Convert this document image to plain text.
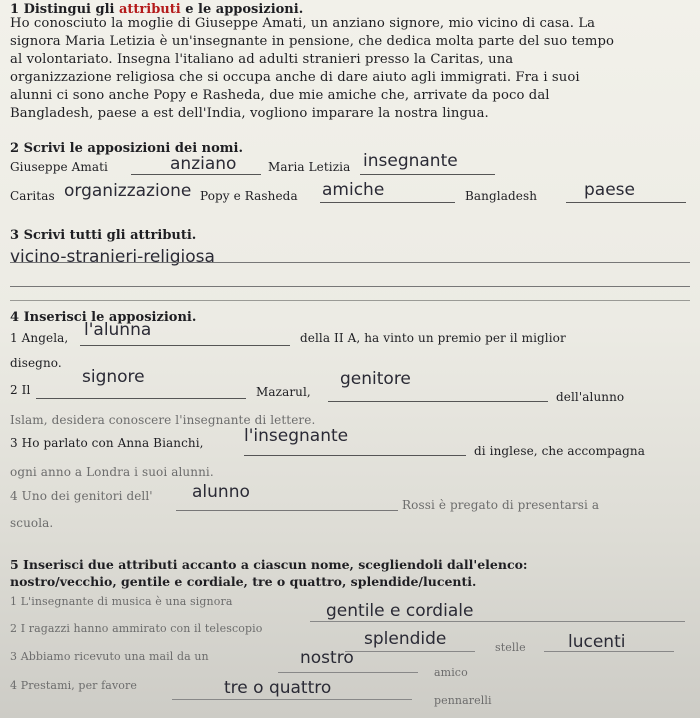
1 Distingui gli attributi e le apposizioni.
Ho conosciuto la moglie di Giuseppe Amati, un anziano signore, mio vicino di casa. La
signora Maria Letizia è un'insegnante in pensione, che dedica molta parte del suo tempo
al volontariato. Insegna l'italiano ad adulti stranieri presso la Caritas, una
organizzazione religiosa che si occupa anche di dare aiuto agli immigrati. Fra i suoi
alunni ci sono anche Popy e Rasheda, due mie amiche che, arrivate da poco dal
Bangladesh, paese a est dell'India, vogliono imparare la nostra lingua.
2 Scrivi le apposizioni dei nomi.
Giuseppe Amati	anziano	Maria Letizia insegnante
Caritas organizzazione Popy e Rasheda amiche	Bangladesh	paese
3 Scrivi tutti gli attributi.
vicino-stranieri-religiosa
4 Inserisci le apposizioni.
1 Angela, l'alunna	della II A, ha vinto un premio per il miglior
disegno.
2 Il
signore
Mazarul,
genitore
dell'alunno
Islam, desidera conoscere l'insegnante di lettere.
3 Ho parlato con Anna Bianchi, l'insegnante
di inglese, che accompagna
ogni anno a Londra i suoi alunni.
4 Uno dei genitori dell' alunno
Rossi è pregato di presentarsi a
scuola.
5 Inserisci due attributi accanto a ciascun nome, scegliendoli dall'elenco:
nostro/vecchio, gentile e cordiale, tre o quattro, splendide/lucenti.
1 L'insegnante di musica è una signora	gentile e cordiale
2 I ragazzi hanno ammirato con il telescopio
splendide	stelle lucenti
3 Abbiamo ricevuto una mail da un	nostro
amico
4 Prestami, per favore	tre o quattro
pennarelli
